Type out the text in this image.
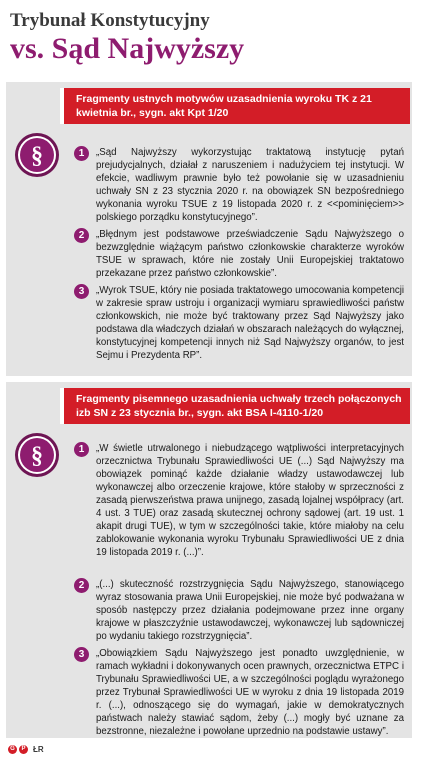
Trybunał Konstytucyjny
vs. Sąd Najwyższy
Fragmenty ustnych motywów uzasadnienia wyroku TK z 21 kwietnia br., sygn. akt Kpt 1/20
§	1	„Sąd Najwyższy wykorzystując traktatową instytucję pytań prejudycjalnych, działał z naruszeniem i nadużyciem tej instytucji. W efekcie, wadliwym prawnie było też powołanie się w uzasadnieniu uchwały SN z 23 stycznia 2020 r. na obowiązek SN bezpośredniego wykonania wyroku TSUE z 19 listopada 2020 r. z <<pominięciem>> polskiego porządku konstytucyjnego”.
2	„Błędnym jest podstawowe przeświadczenie Sądu Najwyższego o bezwzględnie wiążącym państwo członkowskie charakterze wyroków TSUE w sprawach, które nie zostały Unii Europejskiej traktatowo przekazane przez państwo członkowskie”.
3	„Wyrok TSUE, który nie posiada traktatowego umocowania kompetencji w zakresie spraw ustroju i organizacji wymiaru sprawiedliwości państw członkowskich, nie może być traktowany przez Sąd Najwyższy jako podstawa dla władczych działań w obszarach należących do wyłącznej, konstytucyjnej kompetencji innych niż Sąd Najwyższy organów, to jest Sejmu i Prezydenta RP”.
Fragmenty pisemnego uzasadnienia uchwały trzech połączonych izb SN z 23 stycznia br., sygn. akt BSA I-4110-1/20
§	1	„W świetle utrwalonego i niebudzącego wątpliwości interpretacyjnych orzecznictwa Trybunału Sprawiedliwości UE (...) Sąd Najwyższy ma obowiązek pominąć każde działanie władzy ustawodawczej lub wykonawczej albo orzeczenie krajowe, które stałoby w sprzeczności z zasadą pierwszeństwa prawa unijnego, zasadą lojalnej współpracy (art. 4 ust. 3 TUE) oraz zasadą skutecznej ochrony sądowej (art. 19 ust. 1 akapit drugi TUE), w tym w szczególności takie, które miałoby na celu zablokowanie wykonania wyroku Trybunału Sprawiedliwości UE z dnia 19 listopada 2019 r. (...)”.
2	„(...) skuteczność rozstrzygnięcia Sądu Najwyższego, stanowiącego wyraz stosowania prawa Unii Europejskiej, nie może być podważana w sposób następczy przez działania podejmowane przez inne organy krajowe w płaszczyźnie ustawodawczej, wykonawczej lub sądowniczej po wydaniu takiego rozstrzygnięcia”.
3	„Obowiązkiem Sądu Najwyższego jest ponadto uwzględnienie, w ramach wykładni i dokonywanych ocen prawnych, orzecznictwa ETPC i Trybunału Sprawiedliwości UE, a w szczególności poglądu wyrażonego przez Trybunał Sprawiedliwości UE w wyroku z dnia 19 listopada 2019 r. (...), odnoszącego się do wymagań, jakie w demokratycznych państwach należy stawiać sądom, żeby (...) mogły być uznane za bezstronne, niezależne i powołane uprzednio na podstawie ustawy”.
G	P ŁR
